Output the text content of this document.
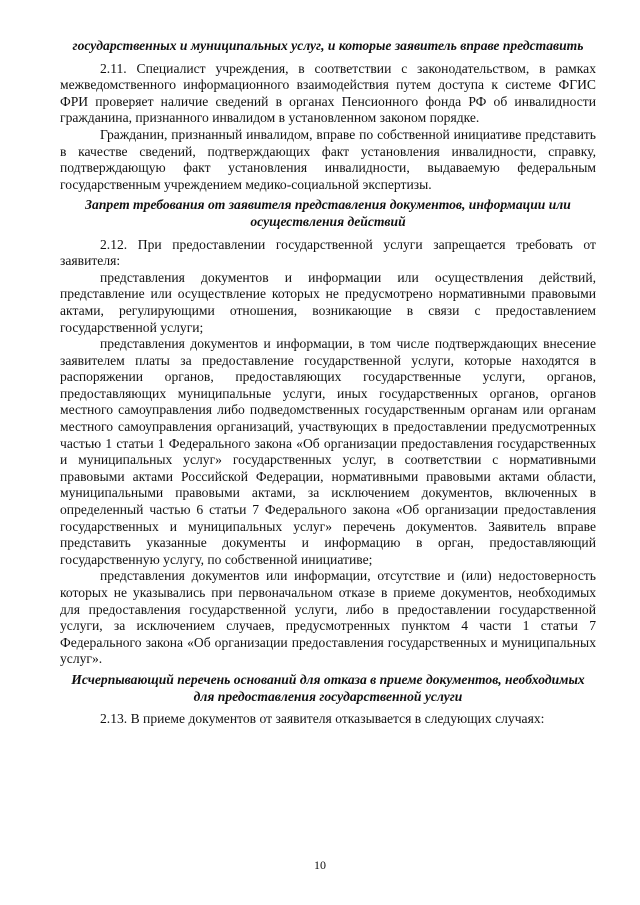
государственных и муниципальных услуг, и которые заявитель вправе представить

2.11. Специалист учреждения, в соответствии с законодательством, в рамках межведомственного информационного взаимодействия путем доступа к системе ФГИС ФРИ проверяет наличие сведений в органах Пенсионного фонда РФ об инвалидности гражданина, признанного инвалидом в установленном законом порядке.

Гражданин, признанный инвалидом, вправе по собственной инициативе представить в качестве сведений, подтверждающих факт установления инвалидности, справку, подтверждающую факт установления инвалидности, выдаваемую федеральным государственным учреждением медико-социальной экспертизы.

Запрет требования от заявителя представления документов, информации или осуществления действий

2.12. При предоставлении государственной услуги запрещается требовать от заявителя:

представления документов и информации или осуществления действий, представление или осуществление которых не предусмотрено нормативными правовыми актами, регулирующими отношения, возникающие в связи с предоставлением государственной услуги;

представления документов и информации, в том числе подтверждающих внесение заявителем платы за предоставление государственной услуги, которые находятся в распоряжении органов, предоставляющих государственные услуги, органов, предоставляющих муниципальные услуги, иных государственных органов, органов местного самоуправления либо подведомственных государственным органам или органам местного самоуправления организаций, участвующих в предоставлении предусмотренных частью 1 статьи 1 Федерального закона «Об организации предоставления государственных и муниципальных услуг» государственных услуг, в соответствии с нормативными правовыми актами Российской Федерации, нормативными правовыми актами области, муниципальными правовыми актами, за исключением документов, включенных в определенный частью 6 статьи 7 Федерального закона «Об организации предоставления государственных и муниципальных услуг» перечень документов. Заявитель вправе представить указанные документы и информацию в орган, предоставляющий государственную услугу, по собственной инициативе;

представления документов или информации, отсутствие и (или) недостоверность которых не указывались при первоначальном отказе в приеме документов, необходимых для предоставления государственной услуги, либо в предоставлении государственной услуги, за исключением случаев, предусмотренных пунктом 4 части 1 статьи 7 Федерального закона «Об организации предоставления государственных и муниципальных услуг».

Исчерпывающий перечень оснований для отказа в приеме документов, необходимых для предоставления государственной услуги

2.13. В приеме документов от заявителя отказывается в следующих случаях:

10
